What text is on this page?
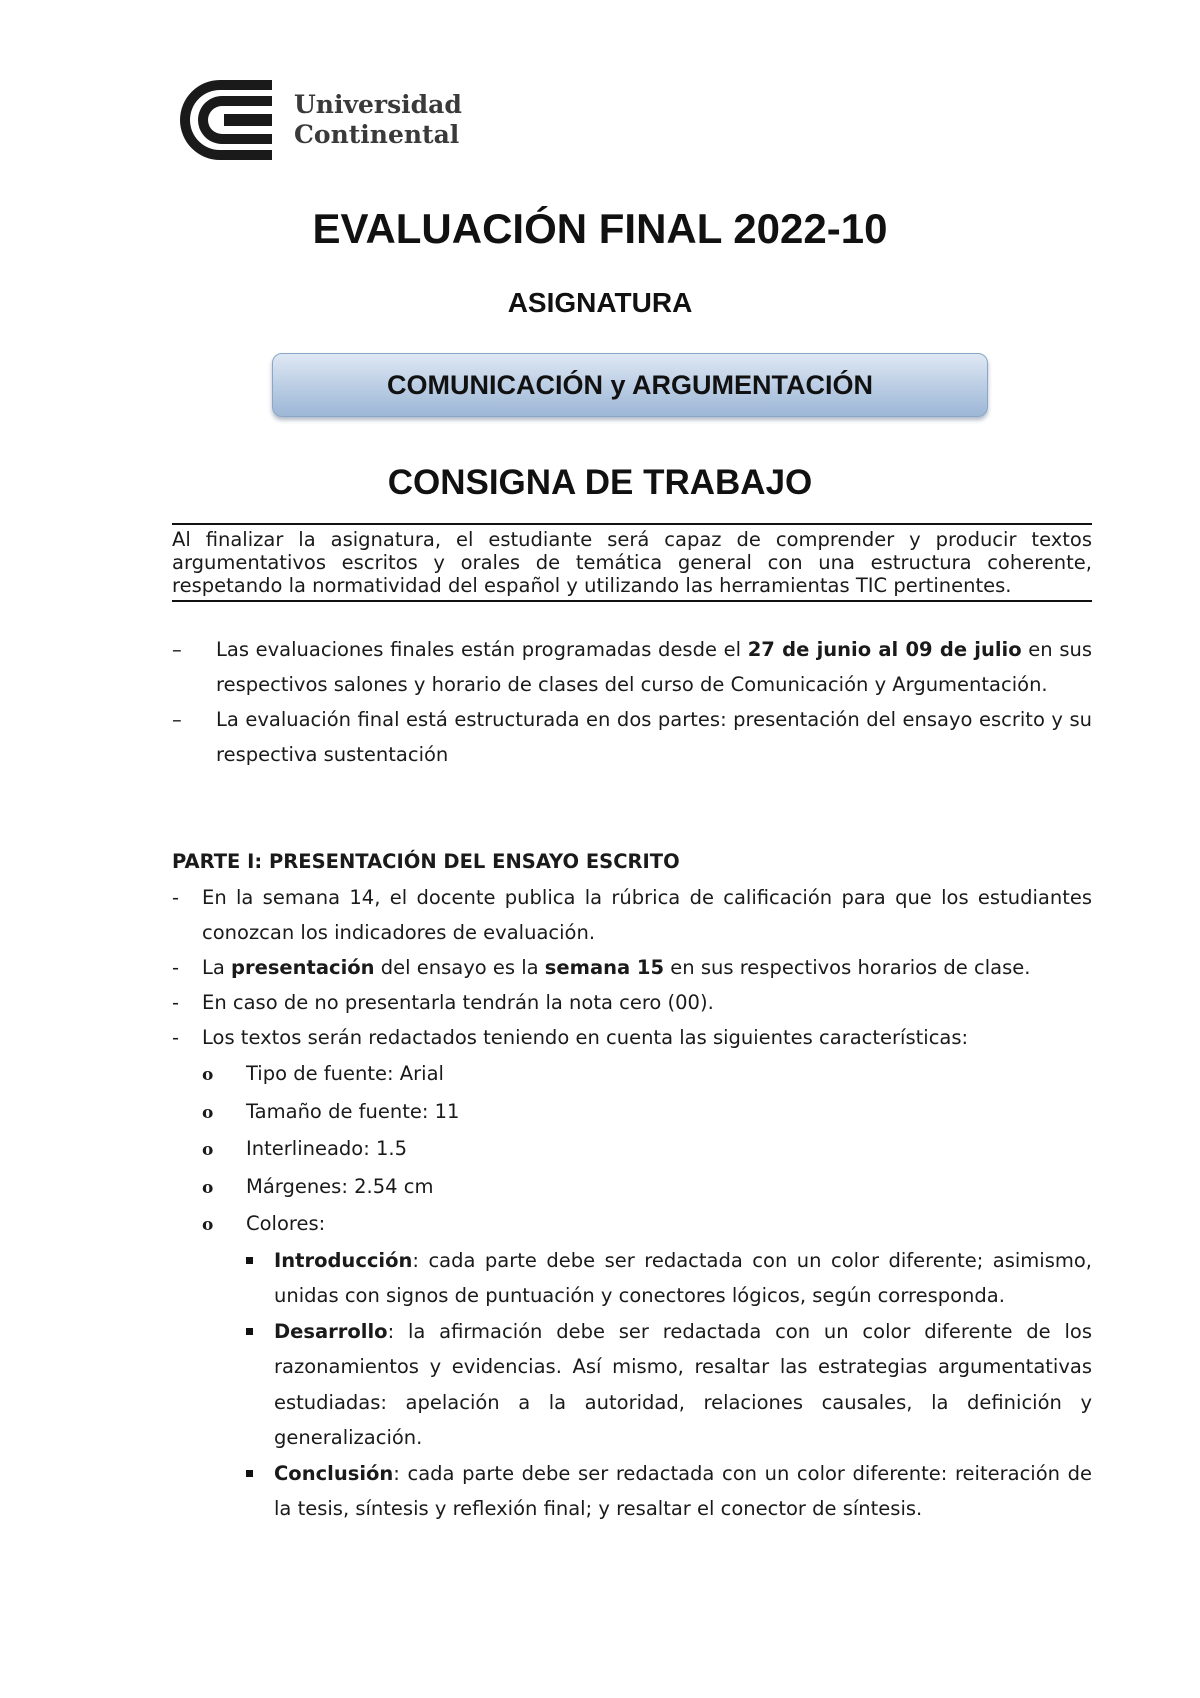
Universidad
Continental
EVALUACIÓN FINAL 2022-10
ASIGNATURA
COMUNICACIÓN y ARGUMENTACIÓN
CONSIGNA DE TRABAJO
Al finalizar la asignatura, el estudiante será capaz de comprender y producir textos argumentativos escritos y orales de temática general con una estructura coherente, respetando la normatividad del español y utilizando las herramientas TIC pertinentes.
– Las evaluaciones finales están programadas desde el 27 de junio al 09 de julio en sus respectivos salones y horario de clases del curso de Comunicación y Argumentación.
– La evaluación final está estructurada en dos partes: presentación del ensayo escrito y su respectiva sustentación
PARTE I: PRESENTACIÓN DEL ENSAYO ESCRITO
- En la semana 14, el docente publica la rúbrica de calificación para que los estudiantes conozcan los indicadores de evaluación.
- La presentación del ensayo es la semana 15 en sus respectivos horarios de clase.
- En caso de no presentarla tendrán la nota cero (00).
- Los textos serán redactados teniendo en cuenta las siguientes características:
o Tipo de fuente: Arial
o Tamaño de fuente: 11
o Interlineado: 1.5
o Márgenes: 2.54 cm
o Colores:
Introducción: cada parte debe ser redactada con un color diferente; asimismo, unidas con signos de puntuación y conectores lógicos, según corresponda.
Desarrollo: la afirmación debe ser redactada con un color diferente de los razonamientos y evidencias. Así mismo, resaltar las estrategias argumentativas estudiadas: apelación a la autoridad, relaciones causales, la definición y generalización.
Conclusión: cada parte debe ser redactada con un color diferente: reiteración de la tesis, síntesis y reflexión final; y resaltar el conector de síntesis.
